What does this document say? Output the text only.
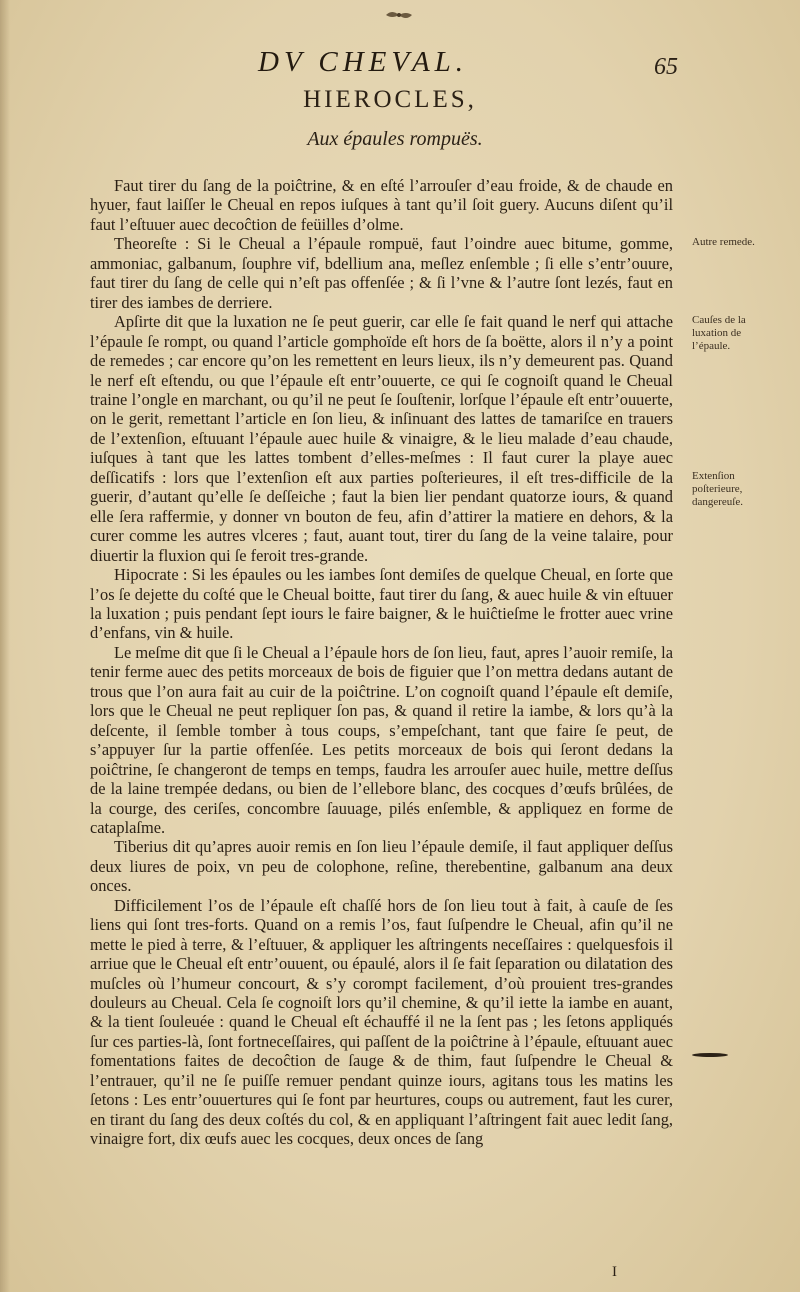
DV CHEVAL.	65
HIEROCLES,
Aux épaules rompuës.

Faut tirer du ſang de la poiĉtrine, & en eſté l’arrouſer d’eau froide, & de chaude en hyuer, faut laiſſer le Cheual en repos iuſques à tant qu’il ſoit guery. Aucuns diſent qu’il faut l’eſtuuer auec decoĉtion de feüilles d’olme.

Theoreſte : Si le Cheual a l’épaule rompuë, faut l’oindre auec bitume, gomme, ammoniac, galbanum, ſouphre vif, bdellium ana, meſlez enſemble ; ſi elle s’entr’ouure, faut tirer du ſang de celle qui n’eſt pas offenſée ; & ſi l’vne & l’autre ſont lezés, faut en tirer des iambes de derriere.

Apſirte dit que la luxation ne ſe peut guerir, car elle ſe fait quand le nerf qui attache l’épaule ſe rompt, ou quand l’article gomphoïde eſt hors de ſa boëtte, alors il n’y a point de remedes ; car encore qu’on les remettent en leurs lieux, ils n’y demeurent pas. Quand le nerf eſt eſtendu, ou que l’épaule eſt entr’ouuerte, ce qui ſe cognoiſt quand le Cheual traine l’ongle en marchant, ou qu’il ne peut ſe ſouſtenir, lorſque l’épaule eſt entr’ouuerte, on le gerit, remettant l’article en ſon lieu, & inſinuant des lattes de tamariſce en trauers de l’extenſion, eſtuuant l’épaule auec huile & vinaigre, & le lieu malade d’eau chaude, iuſques à tant que les lattes tombent d’elles-meſmes : Il faut curer la playe auec deſſicatifs : lors que l’extenſion eſt aux parties poſterieures, il eſt tres-difficile de la guerir, d’autant qu’elle ſe deſſeiche ; faut la bien lier pendant quatorze iours, & quand elle ſera raffermie, y donner vn bouton de feu, afin d’attirer la matiere en dehors, & la curer comme les autres vlceres ; faut, auant tout, tirer du ſang de la veine talaire, pour diuertir la fluxion qui ſe feroit tres-grande.

Hipocrate : Si les épaules ou les iambes ſont demiſes de quelque Cheual, en ſorte que l’os ſe dejette du coſté que le Cheual boitte, faut tirer du ſang, & auec huile & vin eſtuuer la luxation ; puis pendant ſept iours le faire baigner, & le huiĉtieſme le frotter auec vrine d’enfans, vin & huile.

Le meſme dit que ſi le Cheual a l’épaule hors de ſon lieu, faut, apres l’auoir remiſe, la tenir ferme auec des petits morceaux de bois de figuier que l’on mettra dedans autant de trous que l’on aura fait au cuir de la poiĉtrine. L’on cognoiſt quand l’épaule eſt demiſe, lors que le Cheual ne peut repliquer ſon pas, & quand il retire la iambe, & lors qu’à la deſcente, il ſemble tomber à tous coups, s’empeſchant, tant que faire ſe peut, de s’appuyer ſur la partie offenſée. Les petits morceaux de bois qui ſeront dedans la poiĉtrine, ſe changeront de temps en temps, faudra les arrouſer auec huile, mettre deſſus de la laine trempée dedans, ou bien de l’ellebore blanc, des cocques d’œufs brûlées, de la courge, des ceriſes, concombre ſauuage, pilés enſemble, & appliquez en forme de cataplaſme.

Tiberius dit qu’apres auoir remis en ſon lieu l’épaule demiſe, il faut appliquer deſſus deux liures de poix, vn peu de colophone, reſine, therebentine, galbanum ana deux onces.

Difficilement l’os de l’épaule eſt chaſſé hors de ſon lieu tout à fait, à cauſe de ſes liens qui ſont tres-forts. Quand on a remis l’os, faut ſuſpendre le Cheual, afin qu’il ne mette le pied à terre, & l’eſtuuer, & appliquer les aſtringents neceſſaires : quelquesfois il arriue que le Cheual eſt entr’ouuent, ou épaulé, alors il ſe fait ſeparation ou dilatation des muſcles où l’humeur concourt, & s’y corompt facilement, d’où prouient tres-grandes douleurs au Cheual. Cela ſe cognoiſt lors qu’il chemine, & qu’il iette la iambe en auant, & la tient ſouleuée : quand le Cheual eſt échauffé il ne la ſent pas ; les ſetons appliqués ſur ces parties-là, ſont fortneceſſaires, qui paſſent de la poiĉtrine à l’épaule, eſtuuant auec fomentations faites de decoĉtion de ſauge & de thim, faut ſuſpendre le Cheual & l’entrauer, qu’il ne ſe puiſſe remuer pendant quinze iours, agitans tous les matins les ſetons : Les entr’ouuertures qui ſe font par heurtures, coups ou autrement, faut les curer, en tirant du ſang des deux coſtés du col, & en appliquant l’aſtringent fait auec ledit ſang, vinaigre fort, dix œufs auec les cocques, deux onces de ſang

Autre remede.
Cauſes de la luxation de l’épaule.
Extenſion poſterieure, dangereuſe.
I
